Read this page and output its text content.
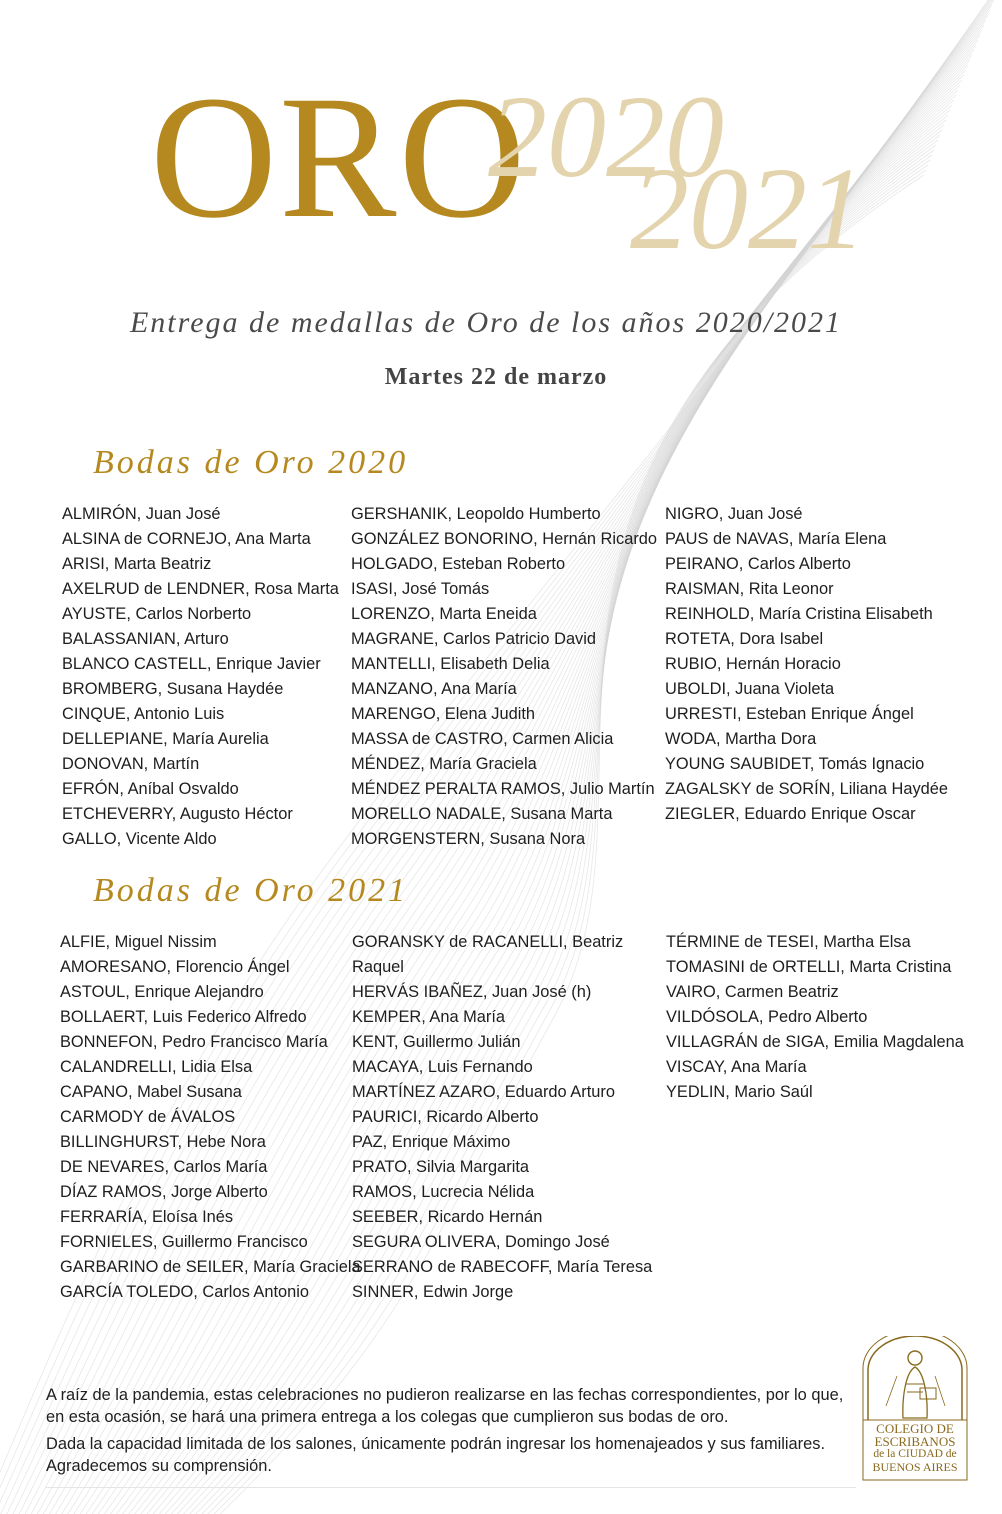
ORO
2020
2021
Entrega de medallas de Oro de los años 2020/2021
Martes 22 de marzo
Bodas de Oro 2020
ALMIRÓN, Juan José
ALSINA de CORNEJO, Ana Marta
ARISI, Marta Beatriz
AXELRUD de LENDNER, Rosa Marta
AYUSTE, Carlos Norberto
BALASSANIAN, Arturo
BLANCO CASTELL, Enrique Javier
BROMBERG, Susana Haydée
CINQUE, Antonio Luis
DELLEPIANE, María Aurelia
DONOVAN, Martín
EFRÓN, Aníbal Osvaldo
ETCHEVERRY, Augusto Héctor
GALLO, Vicente Aldo
GERSHANIK, Leopoldo Humberto
GONZÁLEZ BONORINO, Hernán Ricardo
HOLGADO, Esteban Roberto
ISASI, José Tomás
LORENZO, Marta Eneida
MAGRANE, Carlos Patricio David
MANTELLI, Elisabeth Delia
MANZANO, Ana María
MARENGO, Elena Judith
MASSA de CASTRO, Carmen Alicia
MÉNDEZ, María Graciela
MÉNDEZ PERALTA RAMOS, Julio Martín
MORELLO NADALE, Susana Marta
MORGENSTERN, Susana Nora
NIGRO, Juan José
PAUS de NAVAS, María Elena
PEIRANO, Carlos Alberto
RAISMAN, Rita Leonor
REINHOLD, María Cristina Elisabeth
ROTETA, Dora Isabel
RUBIO, Hernán Horacio
UBOLDI, Juana Violeta
URRESTI, Esteban Enrique Ángel
WODA, Martha Dora
YOUNG SAUBIDET, Tomás Ignacio
ZAGALSKY de SORÍN, Liliana Haydée
ZIEGLER, Eduardo Enrique Oscar
Bodas de Oro 2021
ALFIE, Miguel Nissim
AMORESANO, Florencio Ángel
ASTOUL, Enrique Alejandro
BOLLAERT, Luis Federico Alfredo
BONNEFON, Pedro Francisco María
CALANDRELLI, Lidia Elsa
CAPANO, Mabel Susana
CARMODY de ÁVALOS BILLINGHURST, Hebe Nora
DE NEVARES, Carlos María
DÍAZ RAMOS, Jorge Alberto
FERRARÍA, Eloísa Inés
FORNIELES, Guillermo Francisco
GARBARINO de SEILER, María Graciela
GARCÍA TOLEDO, Carlos Antonio
GORANSKY de RACANELLI, Beatriz Raquel
HERVÁS IBAÑEZ, Juan José (h)
KEMPER, Ana María
KENT, Guillermo Julián
MACAYA, Luis Fernando
MARTÍNEZ AZARO, Eduardo Arturo
PAURICI, Ricardo Alberto
PAZ, Enrique Máximo
PRATO, Silvia Margarita
RAMOS, Lucrecia Nélida
SEEBER, Ricardo Hernán
SEGURA OLIVERA, Domingo José
SERRANO de RABECOFF, María Teresa
SINNER, Edwin Jorge
TÉRMINE de TESEI, Martha Elsa
TOMASINI de ORTELLI, Marta Cristina
VAIRO, Carmen Beatriz
VILDÓSOLA, Pedro Alberto
VILLAGRÁN de SIGA, Emilia Magdalena
VISCAY, Ana María
YEDLIN, Mario Saúl

A raíz de la pandemia, estas celebraciones no pudieron realizarse en las fechas correspondientes, por lo que, en esta ocasión, se hará una primera entrega a los colegas que cumplieron sus bodas de oro.

Dada la capacidad limitada de los salones, únicamente podrán ingresar los homenajeados y sus familiares. Agradecemos su comprensión.

COLEGIO DE
ESCRIBANOS
de la CIUDAD de
BUENOS AIRES
